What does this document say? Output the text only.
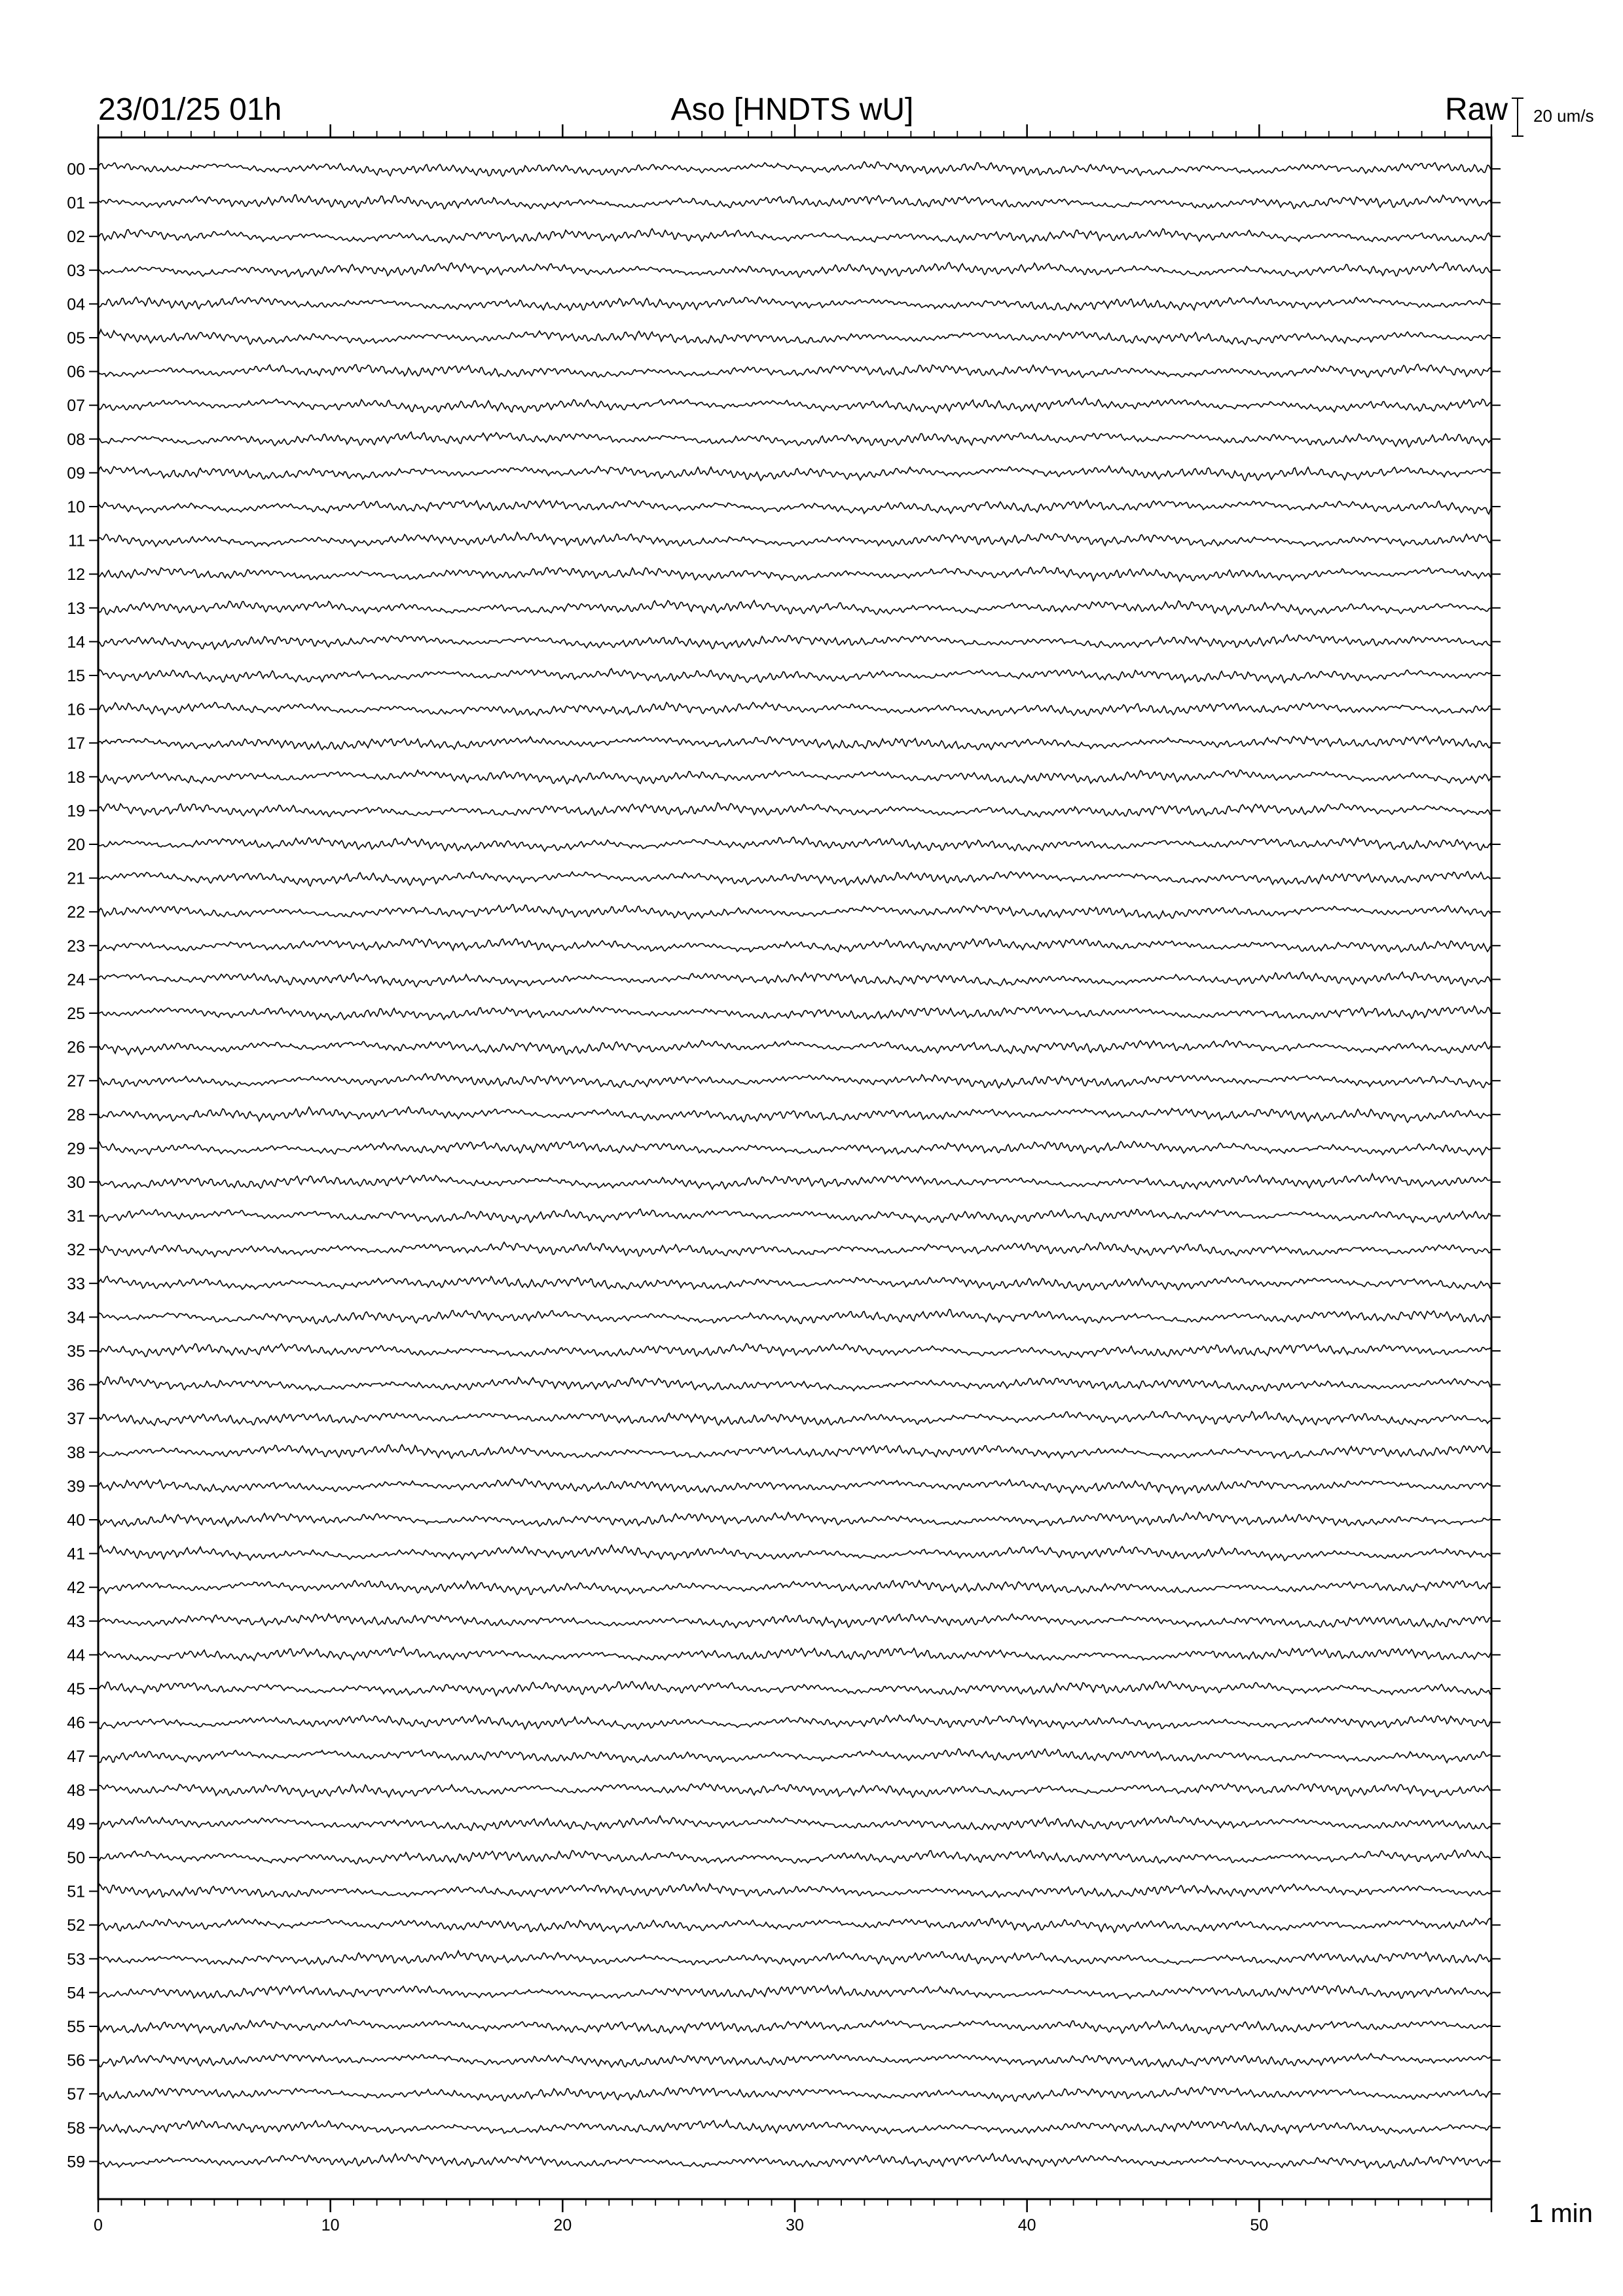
00
01
02
03
04
05
06
07
08
09
10
11
12
13
14
15
16
17
18
19
20
21
22
23
24
25
26
27
28
29
30
31
32
33
34
35
36
37
38
39
40
41
42
43
44
45
46
47
48
49
50
51
52
53
54
55
56
57
58
59
0	10	20	30	40	50
23/01/25 01h	Aso [HNDTS wU]	Raw 20 um/s
1 min
